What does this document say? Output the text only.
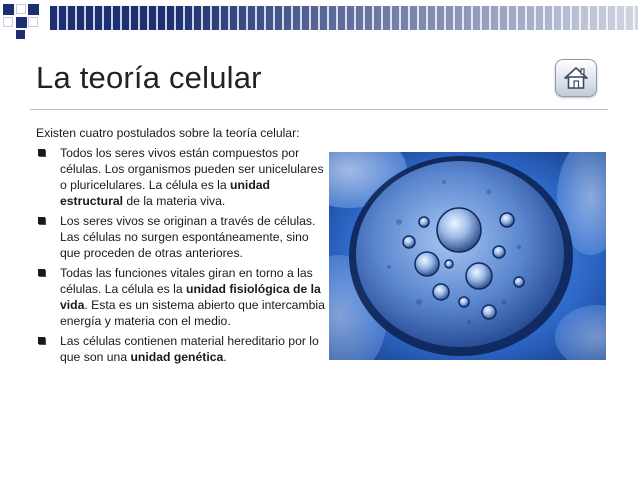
La teoría celular

Existen cuatro postulados sobre la teoría celular:

Todos los seres vivos están compuestos por células. Los organismos pueden ser unicelulares o pluricelulares. La célula es la unidad estructural de la materia viva.
Los seres vivos se originan a través de células. Las células no surgen espontáneamente, sino que proceden de otras anteriores.
Todas las funciones vitales giran en torno a las células. La célula es la unidad fisiológica de la vida. Esta es un sistema abierto que intercambia energía y materia con el medio.
Las células contienen material hereditario por lo que son una unidad genética.
